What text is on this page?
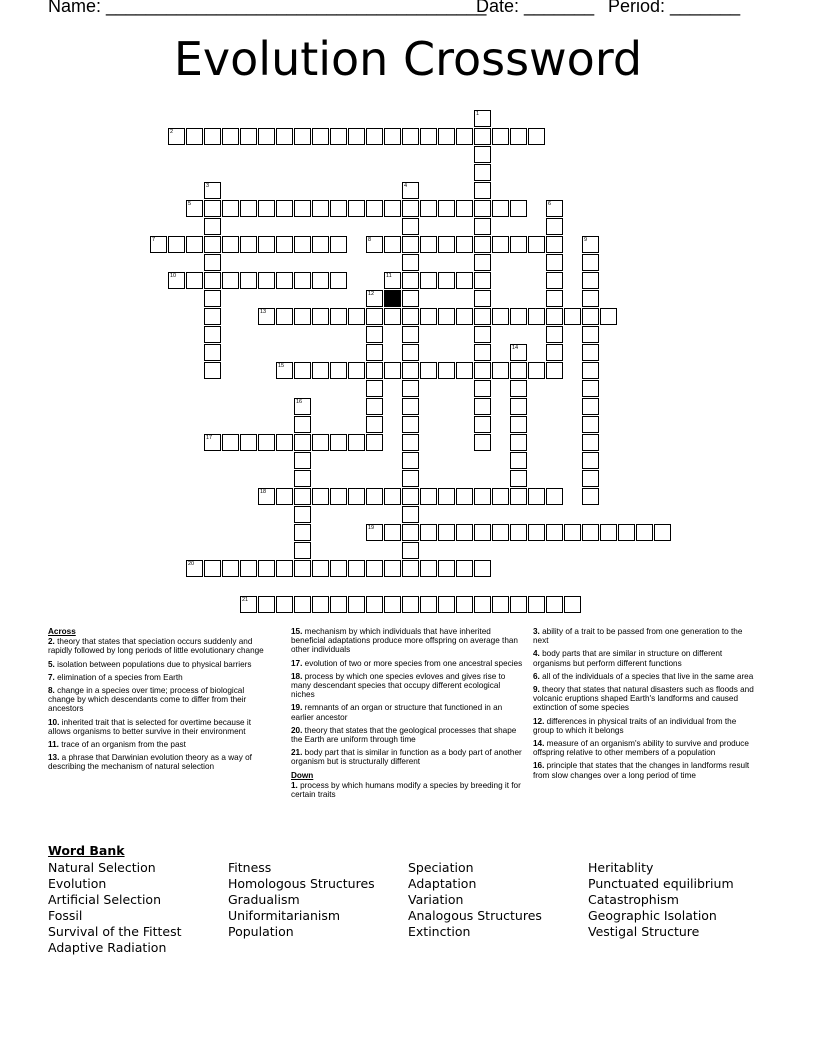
Name: ______________________________________
Date: _______ Period: _______
Evolution Crossword
1
2
3	4
5	6
7	8	9
10	11
12
13
14
15
16
17
18
19
20
21
Across

2. theory that states that speciation occurs suddenly and rapidly followed by long periods of little evolutionary change

5. isolation between populations due to physical barriers

7. elimination of a species from Earth

8. change in a species over time; process of biological change by which descendants come to differ from their ancestors

10. inherited trait that is selected for overtime because it allows organisms to better survive in their environment

11. trace of an organism from the past

13. a phrase that Darwinian evolution theory as a way of describing the mechanism of natural selection

15. mechanism by which individuals that have inherited beneficial adaptations produce more offspring on average than other individuals

17. evolution of two or more species from one ancestral species

18. process by which one species evloves and gives rise to many descendant species that occupy different ecological niches

19. remnants of an organ or structure that functioned in an earlier ancestor

20. theory that states that the geological processes that shape the Earth are uniform through time

21. body part that is similar in function as a body part of another organism but is structurally different

Down

1. process by which humans modify a species by breeding it for certain traits

3. ability of a trait to be passed from one generation to the next

4. body parts that are similar in structure on different organisms but perform different functions

6. all of the individuals of a species that live in the same area

9. theory that states that natural disasters such as floods and volcanic eruptions shaped Earth's landforms and caused extinction of some species

12. differences in physical traits of an individual from the group to which it belongs

14. measure of an organism's ability to survive and produce offspring relative to other members of a population

16. principle that states that the changes in landforms result from slow changes over a long period of time

Word Bank
Natural Selection
Evolution
Artificial Selection
Fossil
Survival of the Fittest
Adaptive Radiation
Fitness
Homologous Structures
Gradualism
Uniformitarianism
Population
Speciation
Adaptation
Variation
Analogous Structures
Extinction
Heritablity
Punctuated equilibrium
Catastrophism
Geographic Isolation
Vestigal Structure
